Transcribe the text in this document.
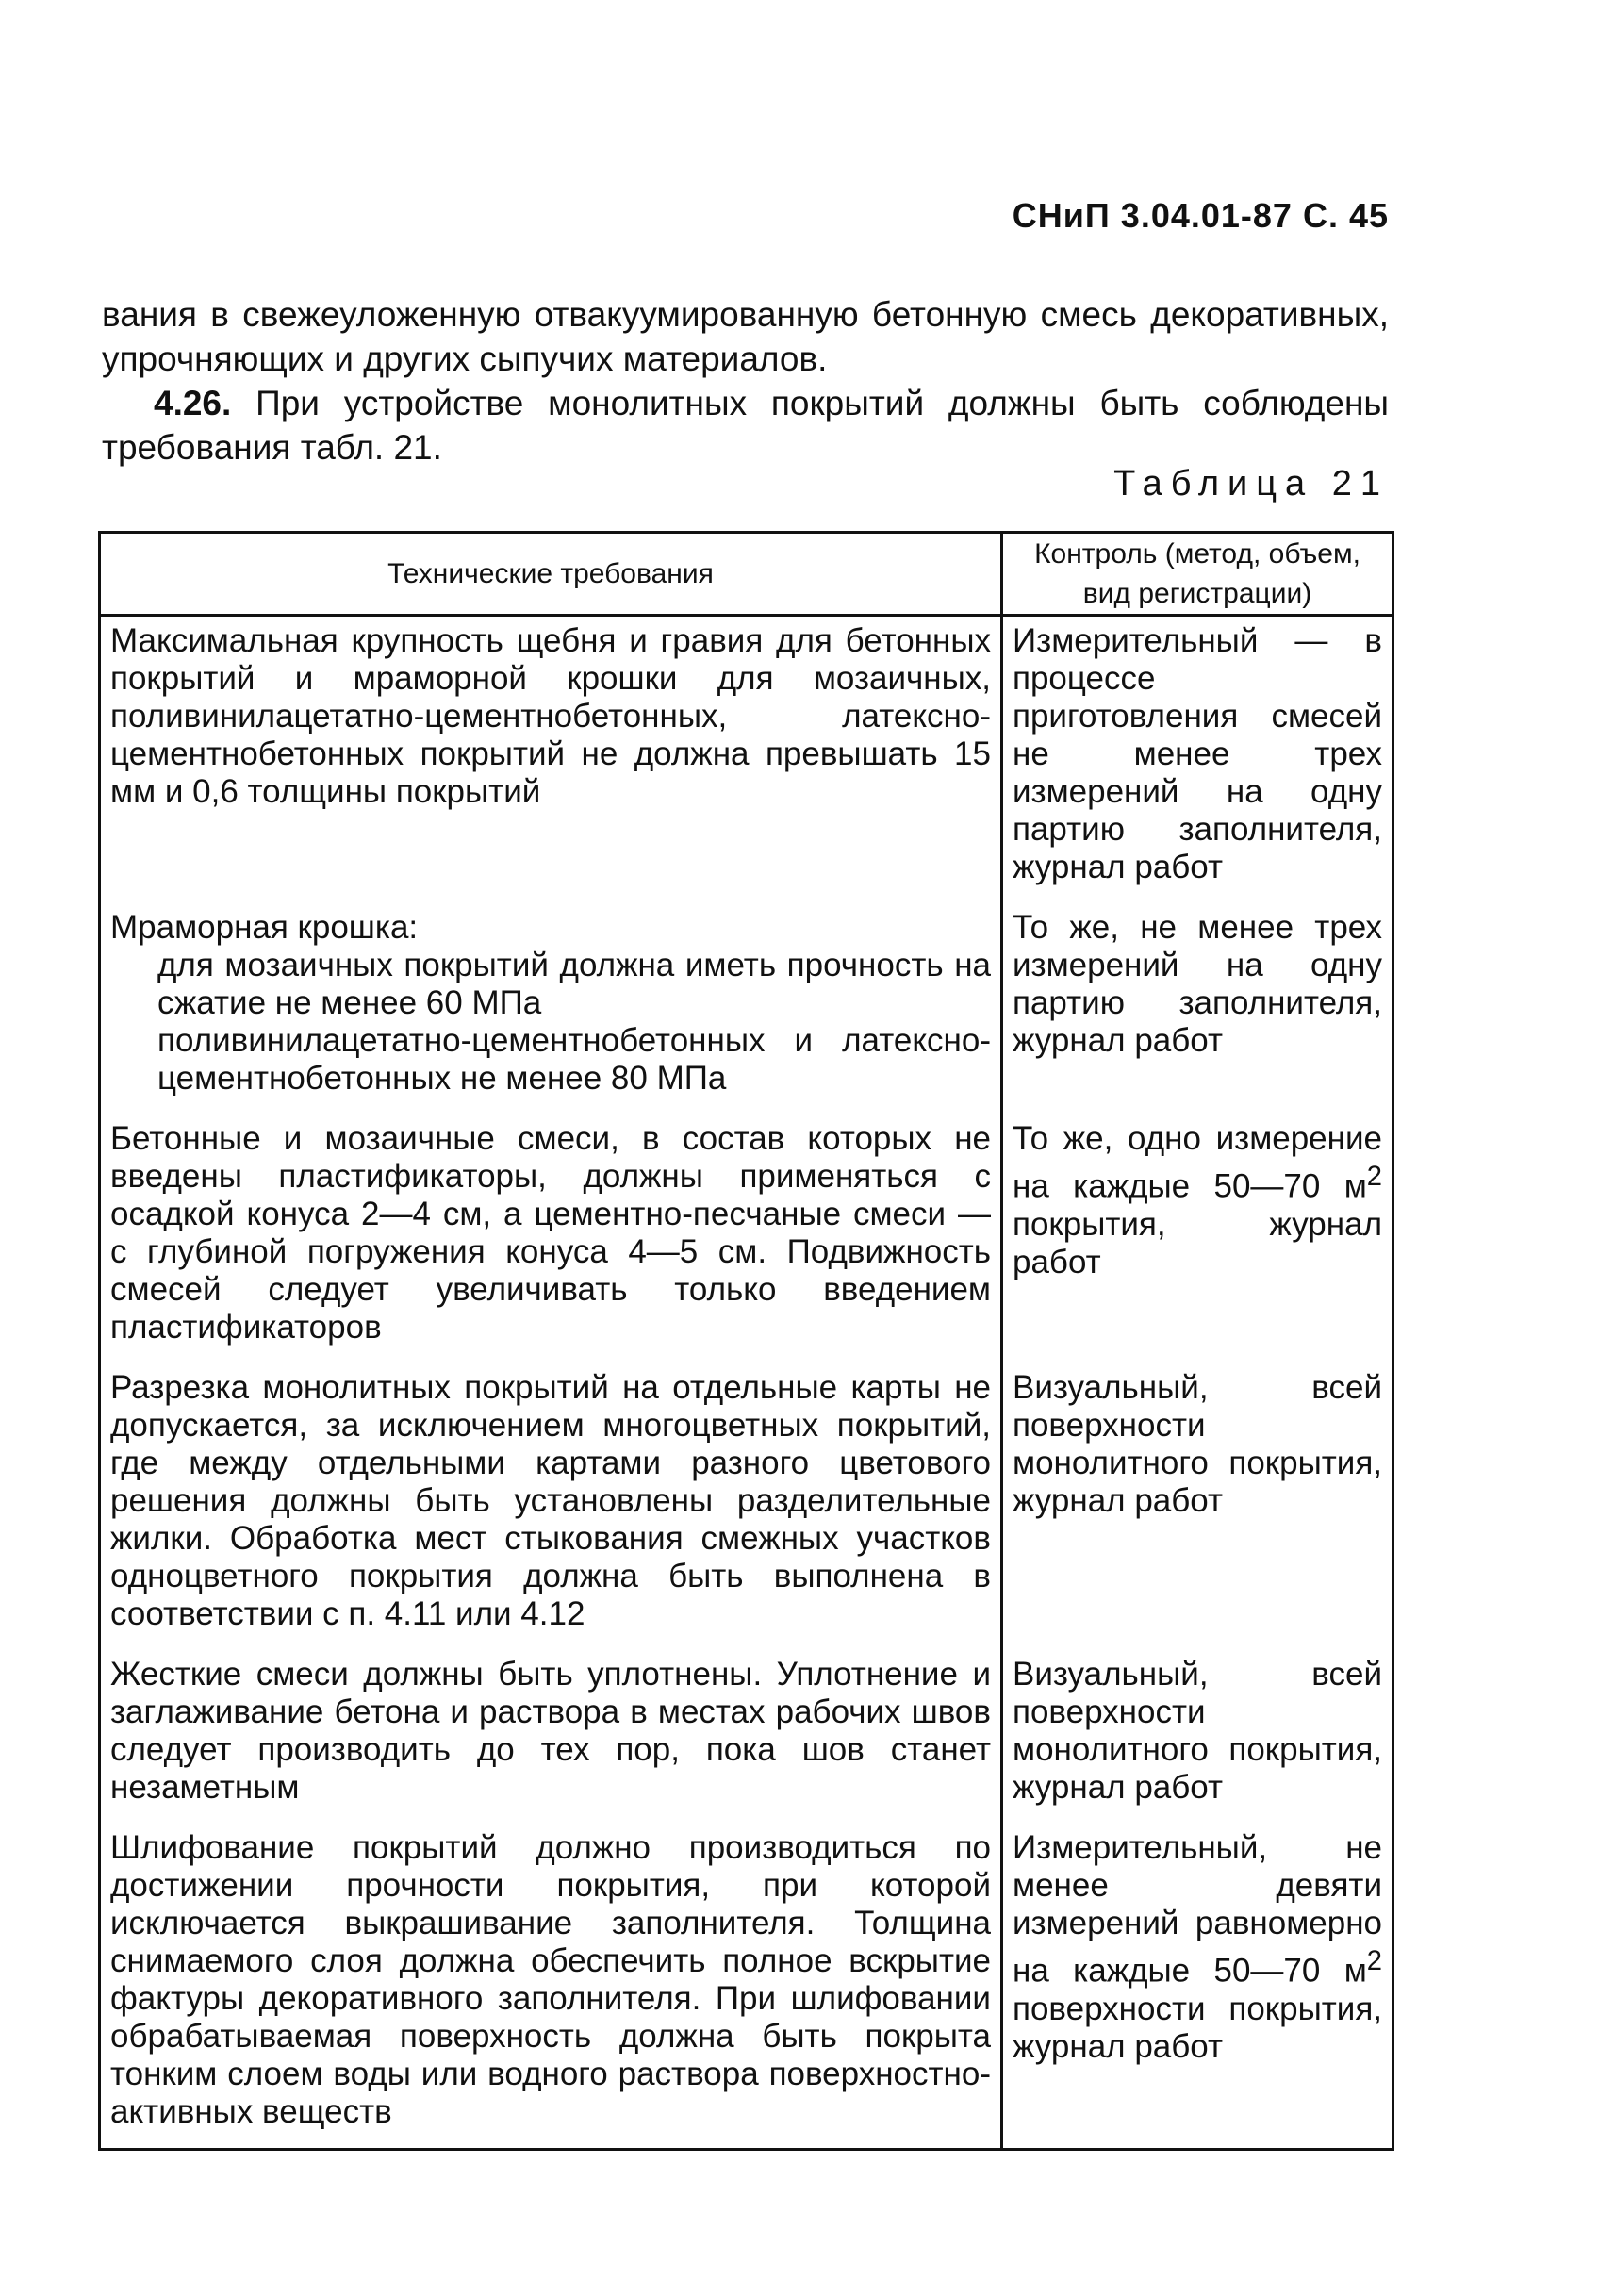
СНиП 3.04.01-87 С. 45

вания в свежеуложенную отвакуумированную бетонную смесь декоративных, упрочняющих и других сыпучих материалов.

4.26. При устройстве монолитных покрытий должны быть соблюдены требования табл. 21.

Таблица 21
Технические требования	Контроль (метод, объем, вид регистрации)
Максимальная крупность щебня и гравия для бетонных покрытий и мраморной крошки для мозаичных, поливинилацетатно-цементнобетонных, латексно-цементнобетонных покрытий не должна превышать 15 мм и 0,6 толщины покрытий	Измерительный — в процессе приготовления смесей не менее трех измерений на одну партию заполнителя, журнал работ

Мраморная крошка:
для мозаичных покрытий должна иметь прочность на сжатие не менее 60 МПа
поливинилацетатно-цементнобетонных и латексно-цементнобетонных не менее 80 МПа	То же, не менее трех измерений на одну партию заполнителя, журнал работ
Бетонные и мозаичные смеси, в состав которых не введены пластификаторы, должны применяться с осадкой конуса 2—4 см, а цементно-песчаные смеси — с глубиной погружения конуса 4—5 см. Подвижность смесей следует увеличивать только введением пластификаторов	То же, одно измерение на каждые 50—70 $м^2$ покрытия, журнал работ
Разрезка монолитных покрытий на отдельные карты не допускается, за исключением многоцветных покрытий, где между отдельными картами разного цветового решения должны быть установлены разделительные жилки. Обработка мест стыкования смежных участков одноцветного покрытия должна быть выполнена в соответствии с п. 4.11 или 4.12	Визуальный, всей поверхности монолитного покрытия, журнал работ
Жесткие смеси должны быть уплотнены. Уплотнение и заглаживание бетона и раствора в местах рабочих швов следует производить до тех пор, пока шов станет незаметным	Визуальный, всей поверхности монолитного покрытия, журнал работ
Шлифование покрытий должно производиться по достижении прочности покрытия, при которой исключается выкрашивание заполнителя. Толщина снимаемого слоя должна обеспечить полное вскрытие фактуры декоративного заполнителя. При шлифовании обрабатываемая поверхность должна быть покрыта тонким слоем воды или водного раствора поверхностно-активных веществ	Измерительный, не менее девяти измерений равномерно на каждые 50—70 $м^2$ поверхности покрытия, журнал работ
